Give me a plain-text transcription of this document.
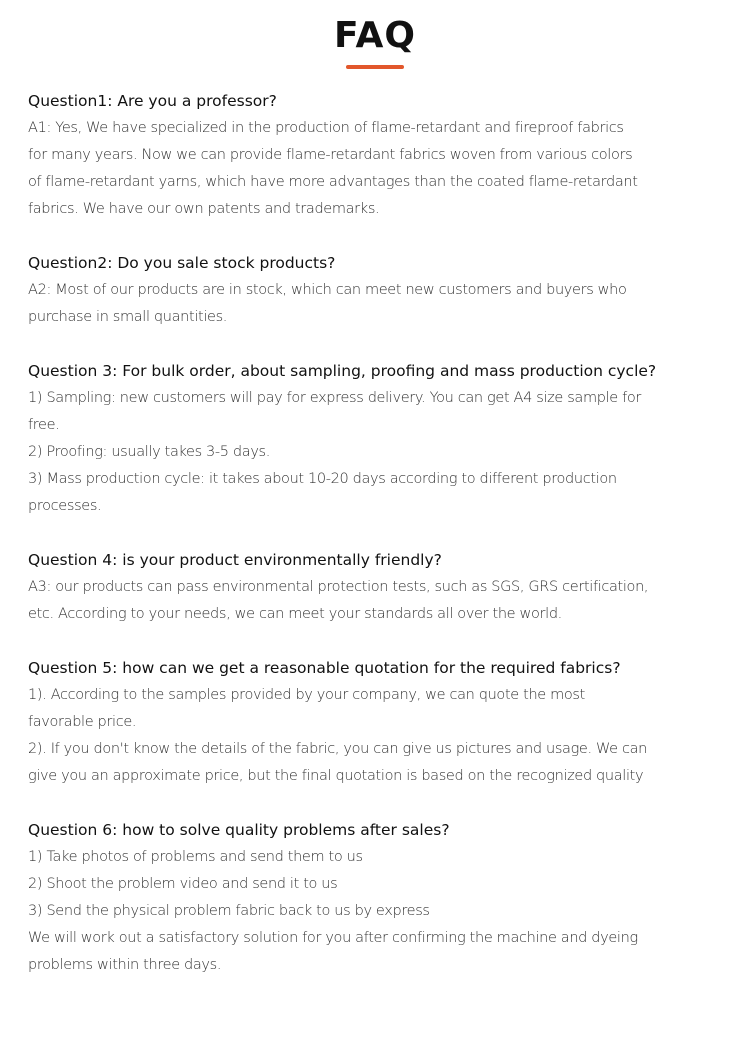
FAQ
Question1: Are you a professor?
A1: Yes, We have specialized in the production of flame-retardant and fireproof fabrics
for many years. Now we can provide flame-retardant fabrics woven from various colors
of flame-retardant yarns, which have more advantages than the coated flame-retardant
fabrics. We have our own patents and trademarks.
Question2: Do you sale stock products?
A2: Most of our products are in stock, which can meet new customers and buyers who
purchase in small quantities.
Question 3: For bulk order, about sampling, proofing and mass production cycle?
1) Sampling: new customers will pay for express delivery. You can get A4 size sample for
free.
2) Proofing: usually takes 3-5 days.
3) Mass production cycle: it takes about 10-20 days according to different production
processes.
Question 4: is your product environmentally friendly?
A3: our products can pass environmental protection tests, such as SGS, GRS certification,
etc. According to your needs, we can meet your standards all over the world.
Question 5: how can we get a reasonable quotation for the required fabrics?
1). According to the samples provided by your company, we can quote the most
favorable price.
2). If you don't know the details of the fabric, you can give us pictures and usage. We can
give you an approximate price, but the final quotation is based on the recognized quality
Question 6: how to solve quality problems after sales?
1) Take photos of problems and send them to us
2) Shoot the problem video and send it to us
3) Send the physical problem fabric back to us by express
We will work out a satisfactory solution for you after confirming the machine and dyeing
problems within three days.
